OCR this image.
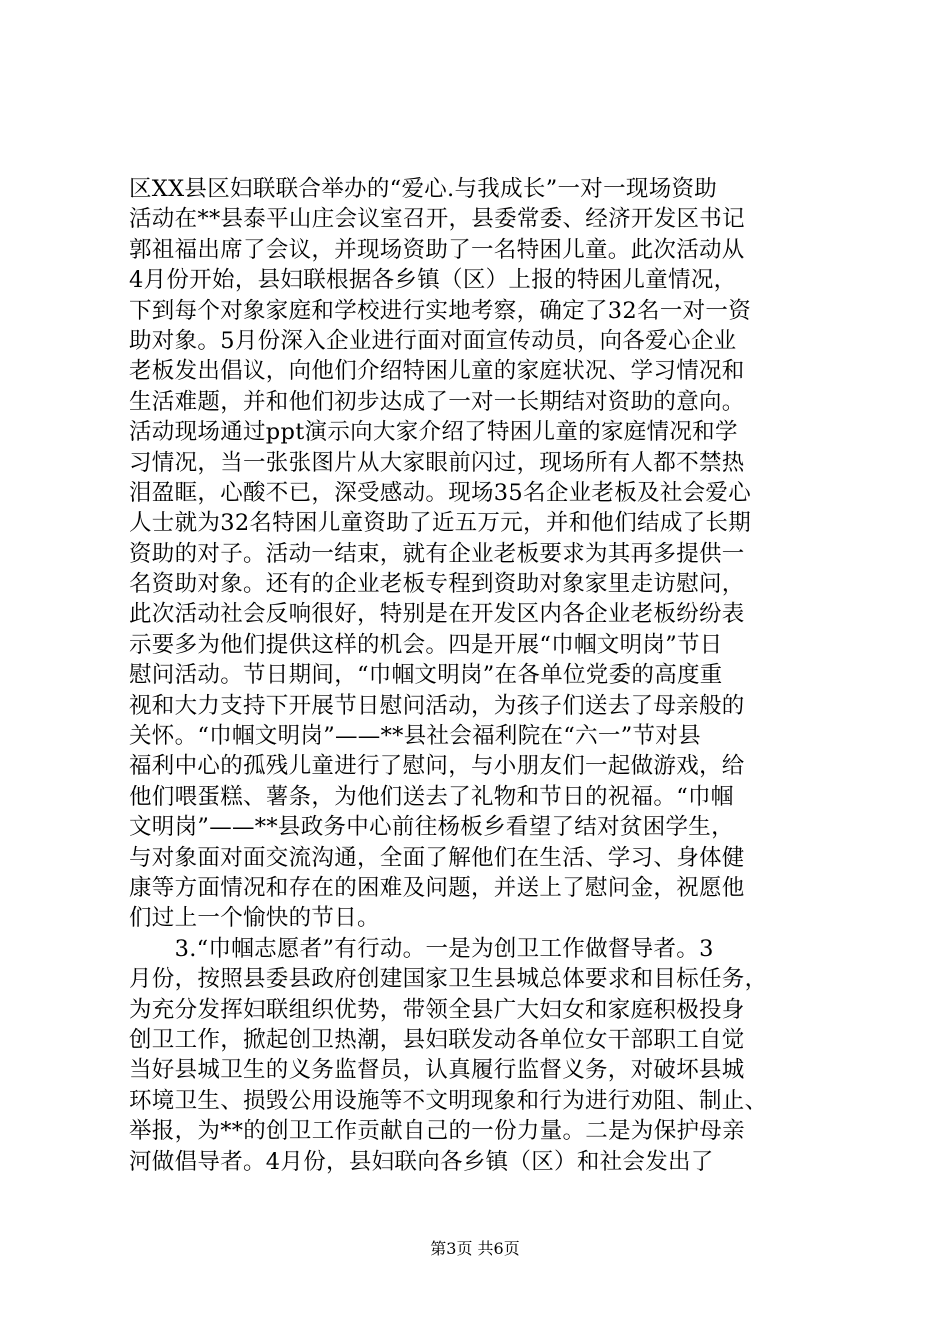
区XX县区妇联联合举办的“爱心.与我成长”一对一现场资助
活动在**县泰平山庄会议室召开，县委常委、经济开发区书记
郭祖福出席了会议，并现场资助了一名特困儿童。此次活动从
4月份开始，县妇联根据各乡镇（区）上报的特困儿童情况，
下到每个对象家庭和学校进行实地考察，确定了32名一对一资
助对象。5月份深入企业进行面对面宣传动员，向各爱心企业
老板发出倡议，向他们介绍特困儿童的家庭状况、学习情况和
生活难题，并和他们初步达成了一对一长期结对资助的意向。
活动现场通过ppt演示向大家介绍了特困儿童的家庭情况和学
习情况，当一张张图片从大家眼前闪过，现场所有人都不禁热
泪盈眶，心酸不已，深受感动。现场35名企业老板及社会爱心
人士就为32名特困儿童资助了近五万元，并和他们结成了长期
资助的对子。活动一结束，就有企业老板要求为其再多提供一
名资助对象。还有的企业老板专程到资助对象家里走访慰问，
此次活动社会反响很好，特别是在开发区内各企业老板纷纷表
示要多为他们提供这样的机会。四是开展“巾帼文明岗”节日
慰问活动。节日期间，“巾帼文明岗”在各单位党委的高度重
视和大力支持下开展节日慰问活动，为孩子们送去了母亲般的
关怀。“巾帼文明岗”——**县社会福利院在“六一”节对县
福利中心的孤残儿童进行了慰问，与小朋友们一起做游戏，给
他们喂蛋糕、薯条，为他们送去了礼物和节日的祝福。“巾帼
文明岗”——**县政务中心前往杨板乡看望了结对贫困学生，
与对象面对面交流沟通，全面了解他们在生活、学习、身体健
康等方面情况和存在的困难及问题，并送上了慰问金，祝愿他
们过上一个愉快的节日。
　　3.“巾帼志愿者”有行动。一是为创卫工作做督导者。3
月份，按照县委县政府创建国家卫生县城总体要求和目标任务，
为充分发挥妇联组织优势，带领全县广大妇女和家庭积极投身
创卫工作，掀起创卫热潮，县妇联发动各单位女干部职工自觉
当好县城卫生的义务监督员，认真履行监督义务，对破坏县城
环境卫生、损毁公用设施等不文明现象和行为进行劝阻、制止、
举报，为**的创卫工作贡献自己的一份力量。二是为保护母亲
河做倡导者。4月份，县妇联向各乡镇（区）和社会发出了
第3页 共6页
